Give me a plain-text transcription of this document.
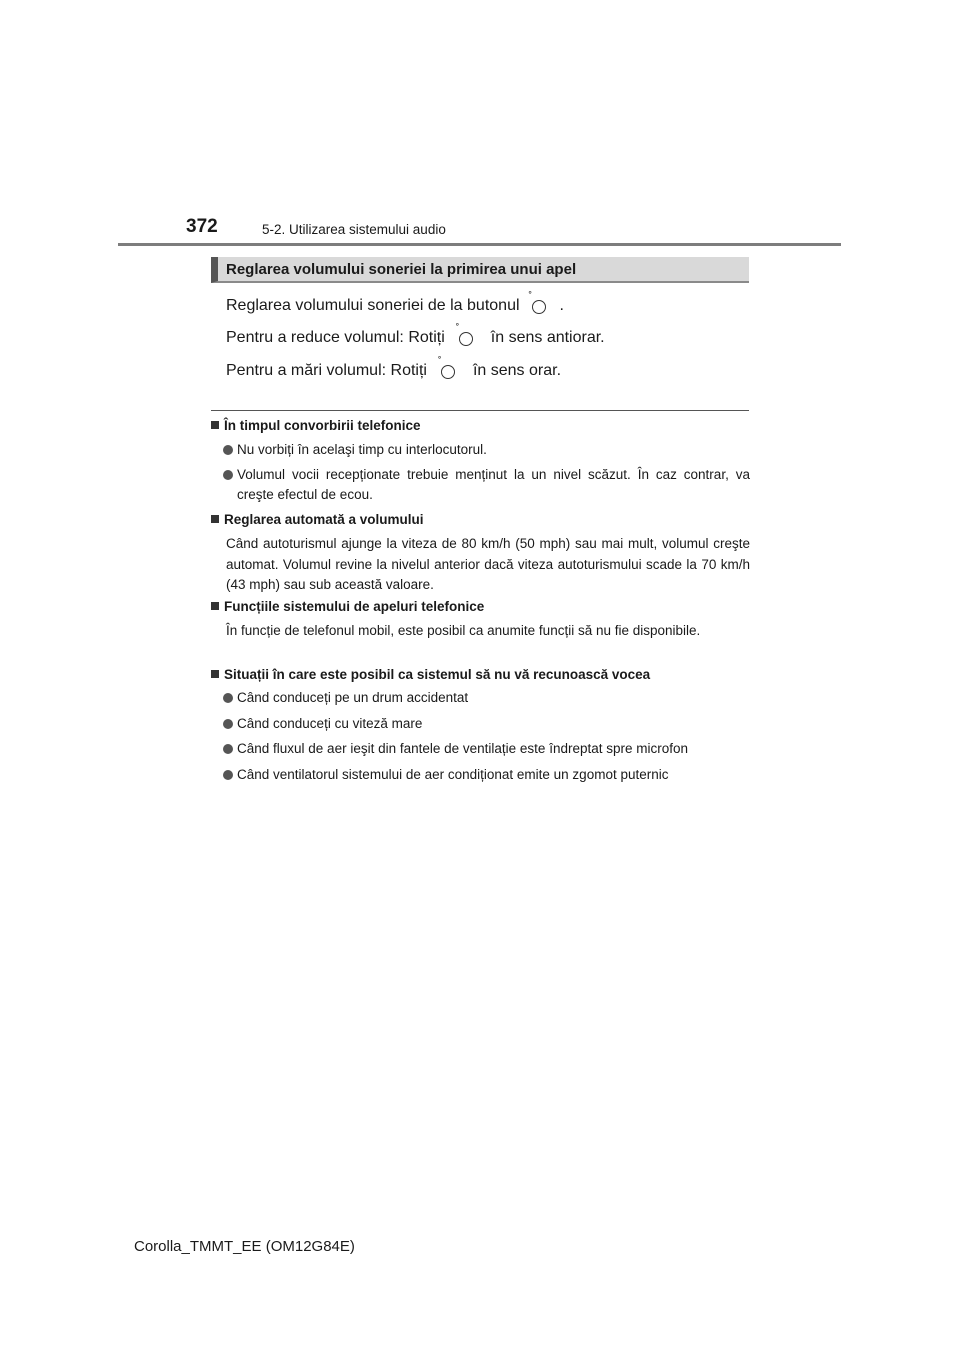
372	5-2. Utilizarea sistemului audio
Reglarea volumului soneriei la primirea unui apel
Reglarea volumului soneriei de la butonul ˚ .
Pentru a reduce volumul: Rotiți ˚ în sens antiorar.
Pentru a mări volumul: Rotiți ˚ în sens orar.
În timpul convorbirii telefonice
Nu vorbiți în acelaşi timp cu interlocutorul.
Volumul vocii recepționate trebuie menținut la un nivel scăzut. În caz contrar, va creşte efectul de ecou.
Reglarea automată a volumului
Când autoturismul ajunge la viteza de 80 km/h (50 mph) sau mai mult, volumul creşte automat. Volumul revine la nivelul anterior dacă viteza autoturismului scade la 70 km/h (43 mph) sau sub această valoare.
Funcțiile sistemului de apeluri telefonice
În funcție de telefonul mobil, este posibil ca anumite funcții să nu fie disponibile.
Situații în care este posibil ca sistemul să nu vă recunoască vocea
Când conduceți pe un drum accidentat
Când conduceți cu viteză mare
Când fluxul de aer ieşit din fantele de ventilație este îndreptat spre microfon
Când ventilatorul sistemului de aer condiționat emite un zgomot puternic
Corolla_TMMT_EE (OM12G84E)
